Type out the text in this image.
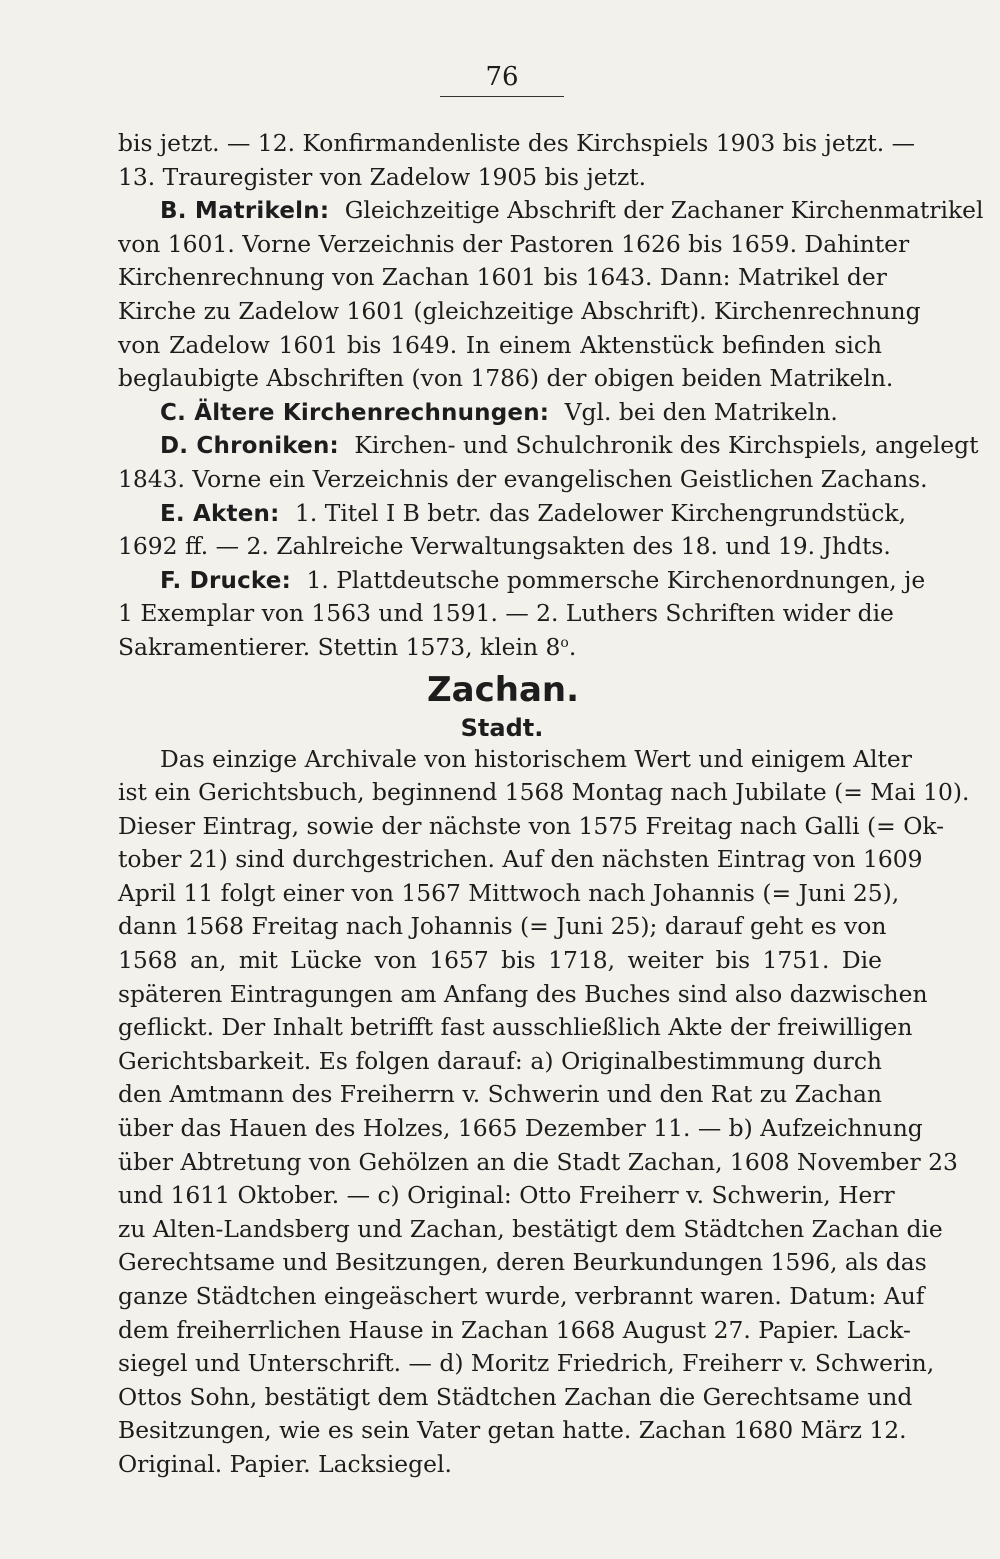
76
bis jetzt. — 12. Konfirmandenliste des Kirchspiels 1903 bis jetzt. —
13. Trauregister von Zadelow 1905 bis jetzt.
B. Matrikeln: Gleichzeitige Abschrift der Zachaner Kirchenmatrikel
von 1601. Vorne Verzeichnis der Pastoren 1626 bis 1659. Dahinter
Kirchenrechnung von Zachan 1601 bis 1643. Dann: Matrikel der
Kirche zu Zadelow 1601 (gleichzeitige Abschrift). Kirchenrechnung
von Zadelow 1601 bis 1649. In einem Aktenstück befinden sich
beglaubigte Abschriften (von 1786) der obigen beiden Matrikeln.
C. Ältere Kirchenrechnungen: Vgl. bei den Matrikeln.
D. Chroniken: Kirchen- und Schulchronik des Kirchspiels, angelegt
1843. Vorne ein Verzeichnis der evangelischen Geistlichen Zachans.
E. Akten: 1. Titel I B betr. das Zadelower Kirchengrundstück,
1692 ff. — 2. Zahlreiche Verwaltungsakten des 18. und 19. Jhdts.
F. Drucke: 1. Plattdeutsche pommersche Kirchenordnungen, je
1 Exemplar von 1563 und 1591. — 2. Luthers Schriften wider die
Sakramentierer. Stettin 1573, klein 8$^o$.
Zachan.
Stadt.
Das einzige Archivale von historischem Wert und einigem Alter
ist ein Gerichtsbuch, beginnend 1568 Montag nach Jubilate (= Mai 10).
Dieser Eintrag, sowie der nächste von 1575 Freitag nach Galli (= Ok-
tober 21) sind durchgestrichen. Auf den nächsten Eintrag von 1609
April 11 folgt einer von 1567 Mittwoch nach Johannis (= Juni 25),
dann 1568 Freitag nach Johannis (= Juni 25); darauf geht es von
1568 an, mit Lücke von 1657 bis 1718, weiter bis 1751. Die
späteren Eintragungen am Anfang des Buches sind also dazwischen
geflickt. Der Inhalt betrifft fast ausschließlich Akte der freiwilligen
Gerichtsbarkeit. Es folgen darauf: a) Originalbestimmung durch
den Amtmann des Freiherrn v. Schwerin und den Rat zu Zachan
über das Hauen des Holzes, 1665 Dezember 11. — b) Aufzeichnung
über Abtretung von Gehölzen an die Stadt Zachan, 1608 November 23
und 1611 Oktober. — c) Original: Otto Freiherr v. Schwerin, Herr
zu Alten-Landsberg und Zachan, bestätigt dem Städtchen Zachan die
Gerechtsame und Besitzungen, deren Beurkundungen 1596, als das
ganze Städtchen eingeäschert wurde, verbrannt waren. Datum: Auf
dem freiherrlichen Hause in Zachan 1668 August 27. Papier. Lack-
siegel und Unterschrift. — d) Moritz Friedrich, Freiherr v. Schwerin,
Ottos Sohn, bestätigt dem Städtchen Zachan die Gerechtsame und
Besitzungen, wie es sein Vater getan hatte. Zachan 1680 März 12.
Original. Papier. Lacksiegel.
